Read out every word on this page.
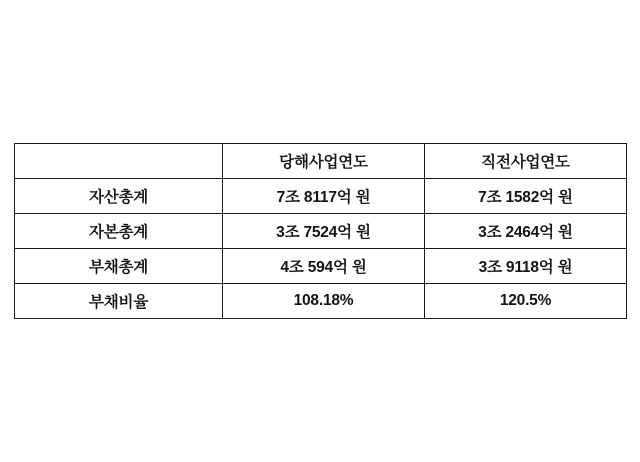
	당해사업연도	직전사업연도
자산총계	7조 8117억 원	7조 1582억 원
자본총계	3조 7524억 원	3조 2464억 원
부채총계	4조 594억 원	3조 9118억 원
부채비율	108.18%	120.5%
